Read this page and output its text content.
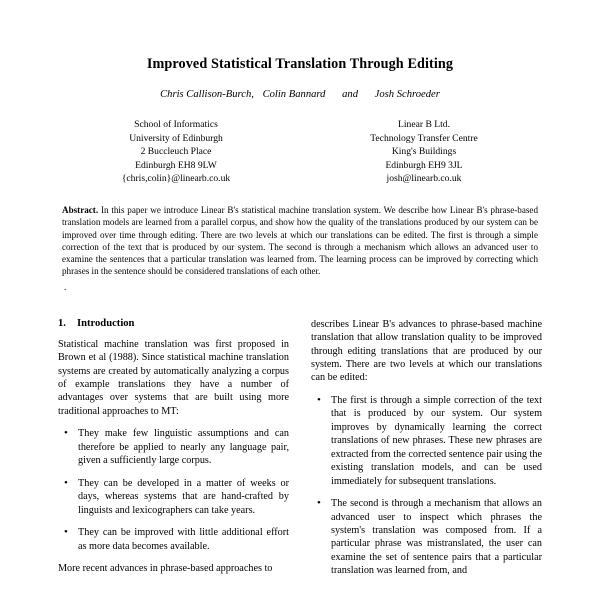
Improved Statistical Translation Through Editing
Chris Callison-Burch, Colin Bannard and Josh Schroeder
School of Informatics
University of Edinburgh
2 Buccleuch Place
Edinburgh EH8 9LW
{chris,colin}@linearb.co.uk
Linear B Ltd.
Technology Transfer Centre
King's Buildings
Edinburgh EH9 3JL
josh@linearb.co.uk
Abstract. In this paper we introduce Linear B's statistical machine translation system. We describe how Linear B's phrase-based translation models are learned from a parallel corpus, and show how the quality of the translations produced by our system can be improved over time through editing. There are two levels at which our translations can be edited. The first is through a simple correction of the text that is produced by our system. The second is through a mechanism which allows an advanced user to examine the sentences that a particular translation was learned from. The learning process can be improved by correcting which phrases in the sentence should be considered translations of each other.
.
1. Introduction

Statistical machine translation was first proposed in Brown et al (1988). Since statistical machine translation systems are created by automatically analyzing a corpus of example translations they have a number of advantages over systems that are built using more traditional approaches to MT:

• They make few linguistic assumptions and can therefore be applied to nearly any language pair, given a sufficiently large corpus.
• They can be developed in a matter of weeks or days, whereas systems that are hand-crafted by linguists and lexicographers can take years.
• They can be improved with little additional effort as more data becomes available.

More recent advances in phrase-based approaches to

describes Linear B's advances to phrase-based machine translation that allow translation quality to be improved through editing translations that are produced by our system. There are two levels at which our translations can be edited:

• The first is through a simple correction of the text that is produced by our system. Our system improves by dynamically learning the correct translations of new phrases. These new phrases are extracted from the corrected sentence pair using the existing translation models, and can be used immediately for subsequent translations.
• The second is through a mechanism that allows an advanced user to inspect which phrases the system's translation was composed from. If a particular phrase was mistranslated, the user can examine the set of sentence pairs that a particular translation was learned from, and
